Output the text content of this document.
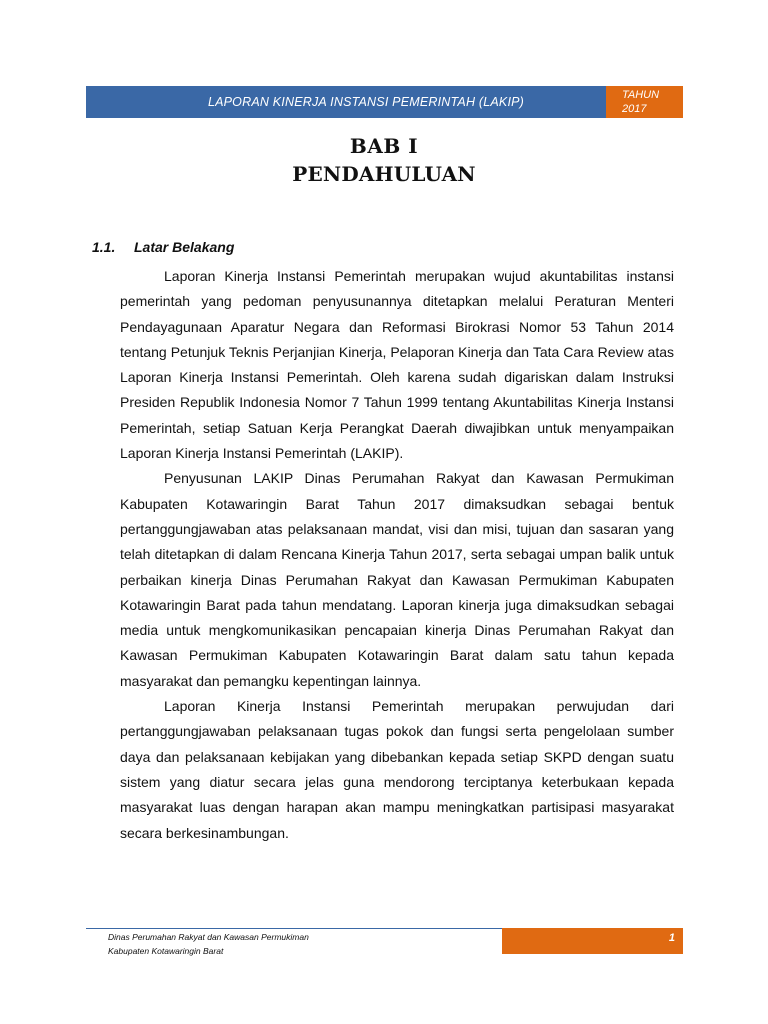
LAPORAN KINERJA INSTANSI PEMERINTAH (LAKIP)	TAHUN
2017
BAB I
PENDAHULUAN
1.1. Latar Belakang

Laporan Kinerja Instansi Pemerintah merupakan wujud akuntabilitas instansi pemerintah yang pedoman penyusunannya ditetapkan melalui Peraturan Menteri Pendayagunaan Aparatur Negara dan Reformasi Birokrasi Nomor 53 Tahun 2014 tentang Petunjuk Teknis Perjanjian Kinerja, Pelaporan Kinerja dan Tata Cara Review atas Laporan Kinerja Instansi Pemerintah. Oleh karena sudah digariskan dalam Instruksi Presiden Republik Indonesia Nomor 7 Tahun 1999 tentang Akuntabilitas Kinerja Instansi Pemerintah, setiap Satuan Kerja Perangkat Daerah diwajibkan untuk menyampaikan Laporan Kinerja Instansi Pemerintah (LAKIP).

Penyusunan LAKIP Dinas Perumahan Rakyat dan Kawasan Permukiman Kabupaten Kotawaringin Barat Tahun 2017 dimaksudkan sebagai bentuk pertanggungjawaban atas pelaksanaan mandat, visi dan misi, tujuan dan sasaran yang telah ditetapkan di dalam Rencana Kinerja Tahun 2017, serta sebagai umpan balik untuk perbaikan kinerja Dinas Perumahan Rakyat dan Kawasan Permukiman Kabupaten Kotawaringin Barat pada tahun mendatang. Laporan kinerja juga dimaksudkan sebagai media untuk mengkomunikasikan pencapaian kinerja Dinas Perumahan Rakyat dan Kawasan Permukiman Kabupaten Kotawaringin Barat dalam satu tahun kepada masyarakat dan pemangku kepentingan lainnya.

Laporan Kinerja Instansi Pemerintah merupakan perwujudan dari pertanggungjawaban pelaksanaan tugas pokok dan fungsi serta pengelolaan sumber daya dan pelaksanaan kebijakan yang dibebankan kepada setiap SKPD dengan suatu sistem yang diatur secara jelas guna mendorong terciptanya keterbukaan kepada masyarakat luas dengan harapan akan mampu meningkatkan partisipasi masyarakat secara berkesinambungan.

Dinas Perumahan Rakyat dan Kawasan Permukiman
Kabupaten Kotawaringin Barat
1
